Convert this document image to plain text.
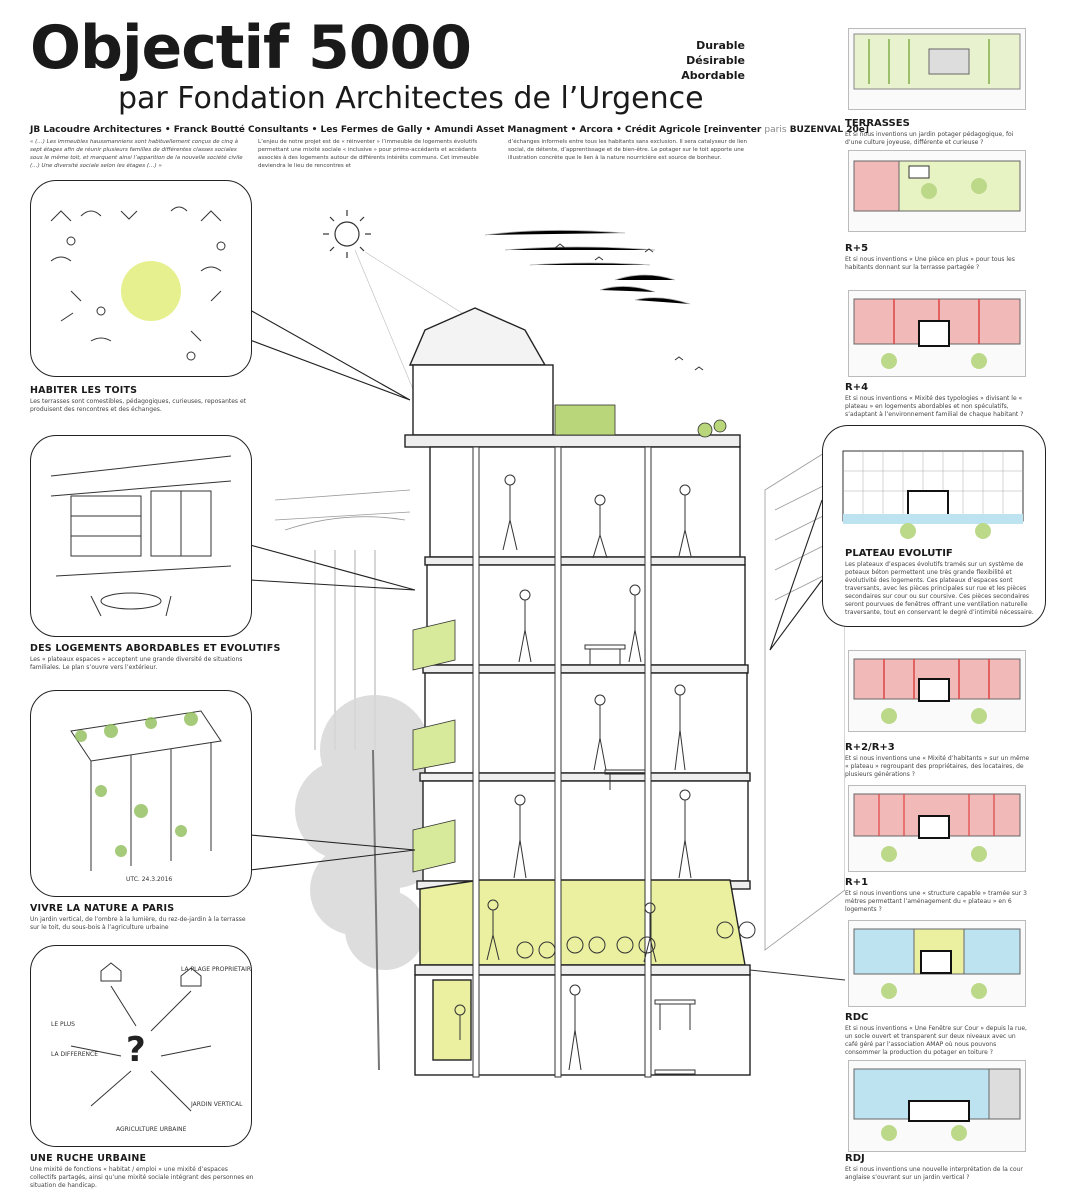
Objectif 5000
par Fondation Architectes de l’Urgence
Durable
Désirable
Abordable
JB Lacoudre Architectures • Franck Boutté Consultants • Les Fermes de Gally • Amundi Asset Managment • Arcora • Crédit Agricole [reinventer paris BUZENVAL 20e]
« (…) Les immeubles haussmanniens sont habituellement conçus de cinq à sept étages afin de réunir plusieurs familles de différentes classes sociales sous le même toit, et marquent ainsi l’apparition de la nouvelle société civile (…) Une diversité sociale selon les étages (…) »
L’enjeu de notre projet est de « réinventer » l’immeuble de logements évolutifs permettant une mixité sociale « inclusive » pour primo-accédants et accédants associés à des logements autour de différents intérêts communs. Cet immeuble deviendra le lieu de rencontres et
d’échanges informels entre tous les habitants sans exclusion. Il sera catalyseur de lien social, de détente, d’apprentissage et de bien-être. Le potager sur le toit apporte une illustration concrète que le lien à la nature nourricière est source de bonheur.
HABITER LES TOITS
Les terrasses sont comestibles, pédagogiques, curieuses, reposantes et produisent des rencontres et des échanges.
DES LOGEMENTS ABORDABLES ET EVOLUTIFS
Les « plateaux espaces » acceptent une grande diversité de situations familiales. Le plan s’ouvre vers l’extérieur.
UTC. 24.3.2016
VIVRE LA NATURE A PARIS
Un jardin vertical, de l’ombre à la lumière, du rez-de-jardin à la terrasse sur le toit, du sous-bois à l’agriculture urbaine
?
LE PLUS
LA DIFFERENCE
LA PLAGE PROPRIETAIRE
JARDIN VERTICAL
AGRICULTURE URBAINE
UNE RUCHE URBAINE
Une mixité de fonctions « habitat / emploi » une mixité d’espaces collectifs partagés, ainsi qu’une mixité sociale intégrant des personnes en situation de handicap.
TERRASSES
Et si nous inventions un jardin potager pédagogique, foi d’une culture joyeuse, différente et curieuse ?
R+5
Et si nous inventions « Une pièce en plus » pour tous les habitants donnant sur la terrasse partagée ?
R+4
Et si nous inventions « Mixité des typologies » divisant le « plateau » en logements abordables et non spéculatifs, s’adaptant à l’environnement familial de chaque habitant ?
PLATEAU EVOLUTIF
Les plateaux d’espaces évolutifs tramés sur un système de poteaux béton permettent une très grande flexibilité et évolutivité des logements. Ces plateaux d’espaces sont traversants, avec les pièces principales sur rue et les pièces secondaires sur cour ou sur coursive. Ces pièces secondaires seront pourvues de fenêtres offrant une ventilation naturelle traversante, tout en conservant le degré d’intimité nécessaire.
R+2/R+3
Et si nous inventions une « Mixité d’habitants » sur un même « plateau » regroupant des propriétaires, des locataires, de plusieurs générations ?
R+1
Et si nous inventions une « structure capable » tramée sur 3 mètres permettant l’aménagement du « plateau » en 6 logements ?
RDC
Et si nous inventions « Une Fenêtre sur Cour » depuis la rue, un socle ouvert et transparent sur deux niveaux avec un café géré par l’association AMAP où nous pouvons consommer la production du potager en toiture ?
RDJ
Et si nous inventions une nouvelle interprétation de la cour anglaise s’ouvrant sur un jardin vertical ?
